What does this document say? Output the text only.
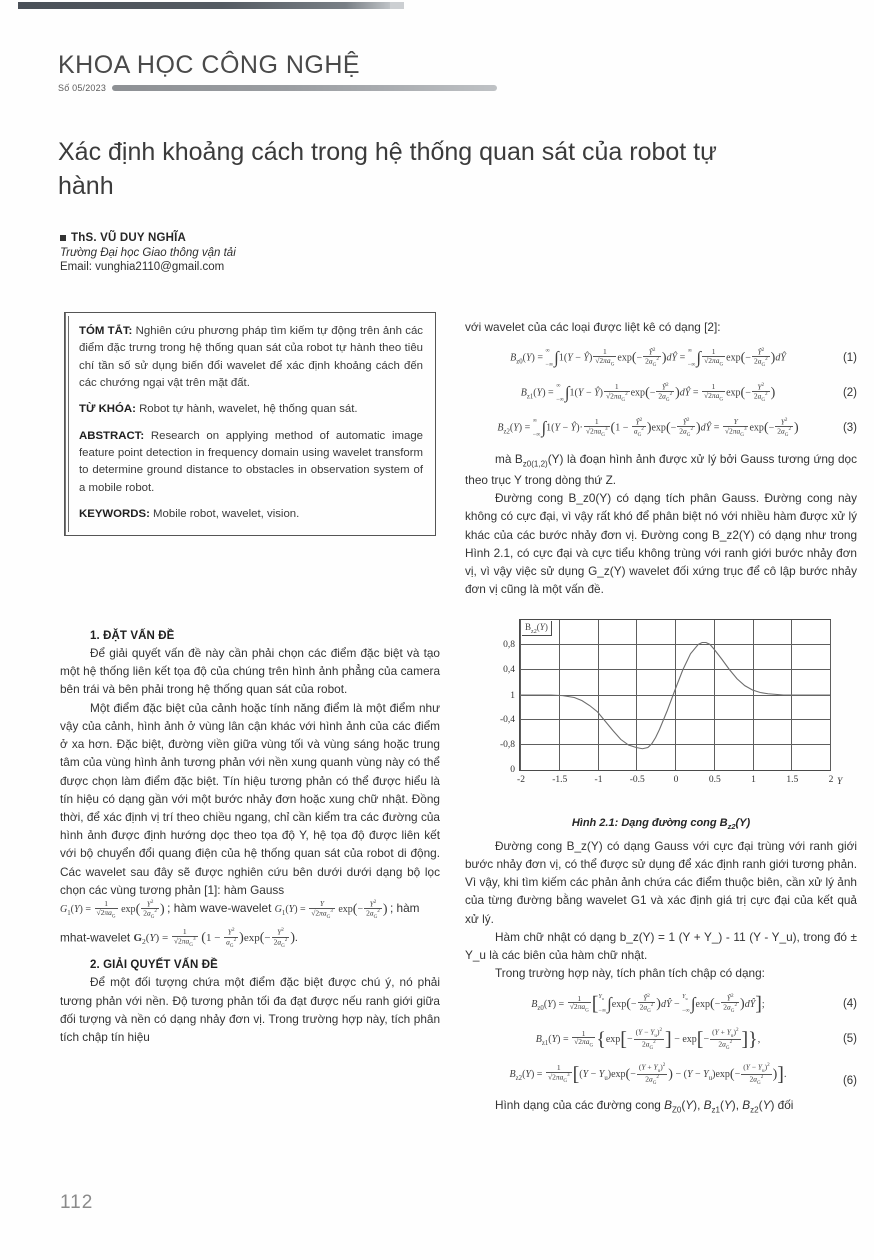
KHOA HỌC CÔNG NGHỆ
Số 05/2023
Xác định khoảng cách trong hệ thống quan sát của robot tự hành
ThS. VŨ DUY NGHĨA
Trường Đại học Giao thông vận tải
Email: vunghia2110@gmail.com

TÓM TẮT: Nghiên cứu phương pháp tìm kiếm tự động trên ảnh các điểm đặc trưng trong hệ thống quan sát của robot tự hành theo tiêu chí tần số sử dụng biến đổi wavelet để xác định khoảng cách đến các chướng ngại vật trên mặt đất.

TỪ KHÓA: Robot tự hành, wavelet, hệ thống quan sát.

ABSTRACT: Research on applying method of automatic image feature point detection in frequency domain using wavelet transform to determine ground distance to obstacles in observation system of a mobile robot.

KEYWORDS: Mobile robot, wavelet, vision.

1. ĐẶT VẤN ĐỀ

Để giải quyết vấn đề này cần phải chọn các điểm đặc biệt và tạo một hệ thống liên kết tọa độ của chúng trên hình ảnh phẳng của camera bên trái và bên phải trong hệ thống quan sát của robot.

Một điểm đặc biệt của cảnh hoặc tính năng điểm là một điểm như vậy của cảnh, hình ảnh ở vùng lân cận khác với hình ảnh của các điểm ở xa hơn. Đặc biệt, đường viền giữa vùng tối và vùng sáng hoặc trung tâm của vùng hình ảnh tương phản với nền xung quanh vùng này có thể được chọn làm điểm đặc biệt. Tín hiệu tương phản có thể được hiểu là tín hiệu có dạng gần với một bước nhảy đơn hoặc xung chữ nhật. Đồng thời, để xác định vị trí theo chiều ngang, chỉ cần kiểm tra các đường của hình ảnh được định hướng dọc theo tọa độ Y, hệ tọa độ được liên kết với bộ chuyển đổi quang điện của hệ thống quan sát của robot di động. Các wavelet sau đây sẽ được nghiên cứu bên dưới dưới dạng bộ lọc chọn các vùng tương phản [1]: hàm Gauss

$G_1(Y) = \frac{1}{√2\pi a_G} \exp( \frac{Y^2}{2a_G^2}$ ) ; hàm wave-wavelet $G_1(Y) = \frac{Y}{√2\pi a_G^3} \exp(- \frac{Y^2}{2a_G^2}$ ) ; hàm

mhat-wavelet $G_2(Y) = \frac{1}{√2\pi a_G^3} (1 - \frac{Y^2}{a_G^2} )\exp(- \frac{Y^2}{2a_G^2}$ ).

2. GIẢI QUYẾT VẤN ĐỀ

Để một đối tượng chứa một điểm đặc biệt được chú ý, nó phải tương phản với nền. Độ tương phản tối đa đạt được nếu ranh giới giữa đối tượng và nền có dạng nhảy đơn vị. Trong trường hợp này, tích phân tích chập tín hiệu

với wavelet của các loại được liệt kê có dạng [2]:

$B_{z0}(Y)$ = ∞

−∞∫1(Y − Ŷ) $\frac{1}{√2\pi a_G} \exp(- \frac{Ŷ^2}{2a_G^2}$ )dŶ = ∞

−∞∫ $\frac{1}{√2\pi a_G} \exp(- \frac{Ŷ^2}{2a_G^2}$ )dŶ	(1)
$B_{z1}(Y)$ = ∞

−∞∫1(Y − Ŷ) $\frac{1}{√2\pi a_G^2} \exp(- \frac{Ŷ^2}{2a_G^2}$ )dŶ = $\frac{1}{√2\pi a_G} \exp(- \frac{Y^2}{2a_G^2}$ )	(2)
$B_{z2}(Y)$ = ∞

−∞∫1(Y − Ŷ)· $\frac{1}{√2\pi a_G^3} (1 - \frac{Ŷ^2}{a_G^2} )\exp(- \frac{Ŷ^2}{2a_G^2}$ )dŶ = $\frac{Y}{√2\pi a_G^3} \exp(- \frac{Y^2}{2a_G^2}$ )	(3)

mà $B_{z0(1,2)}(Y)$ là đoạn hình ảnh được xử lý bởi Gauss tương ứng dọc theo trục Y trong dòng thứ Z.

Đường cong B_z0(Y) có dạng tích phân Gauss. Đường cong này không có cực đại, vì vậy rất khó để phân biệt nó với nhiều hàm được xử lý khác của các bước nhảy đơn vị. Đường cong B_z2(Y) có dạng như trong Hình 2.1, có cực đại và cực tiểu không trùng với ranh giới bước nhảy đơn vị, vì vậy việc sử dụng G_z(Y) wavelet đối xứng trục để cô lập bước nhảy đơn vị cũng là một vấn đề.

$B_{z2}(Y)$
0,8
0,4
1
-0,4
-0,8
0
-2	-1.5	-1	-0.5	0	0.5	1	1.5	2 Y
Hình 2.1: Dạng đường cong $B_{z2}(Y)$

Đường cong B_z(Y) có dạng Gauss với cực đại trùng với ranh giới bước nhảy đơn vị, có thể được sử dụng để xác định ranh giới tương phản. Vì vậy, khi tìm kiếm các phản ảnh chứa các điểm thuộc biên, cần xử lý ảnh của từng đường bằng wavelet G1 và xác định giá trị cực đại của kết quả xử lý.

Hàm chữ nhật có dạng b_z(Y) = 1 (Y + Y_) - 11 (Y - Y_u), trong đó ± Y_u là các biên của hàm chữ nhật.

Trong trường hợp này, tích phân tích chập có dạng:

$B_{z0}(Y) = \frac{1}{√2\pi a_G} [Y_u$

$-\infty\int\exp(- \frac{Ŷ^2}{2a_G^2}$ )dŶ − $Y_u$

$-\infty\int\exp(- \frac{Ŷ^2}{2a_G^2}$ )dŶ];	(4)
$B_{z1}(Y) = \frac{1}{√2\pi a_G} \{\exp[- \frac{(Y - Y_u)^2}{2a_G^2}$ ] − $\exp[- \frac{(Y + Y_u)^2}{2a_G^2}$ ]},	(5)
$B_{z2}(Y) = \frac{1}{√2\pi a_G^3} [(Y - Y_u)\exp(- \frac{(Y + Y_u)^2}{2a_G^2}$ ) − $(Y - Y_u)\exp(- \frac{(Y - Y_u)^2}{2a_G^2}$ )].
(6)

Hình dạng của các đường cong $B_{Z0}(Y)$, $B_{z1}(Y)$, $B_{z2}(Y)$ đối

112
